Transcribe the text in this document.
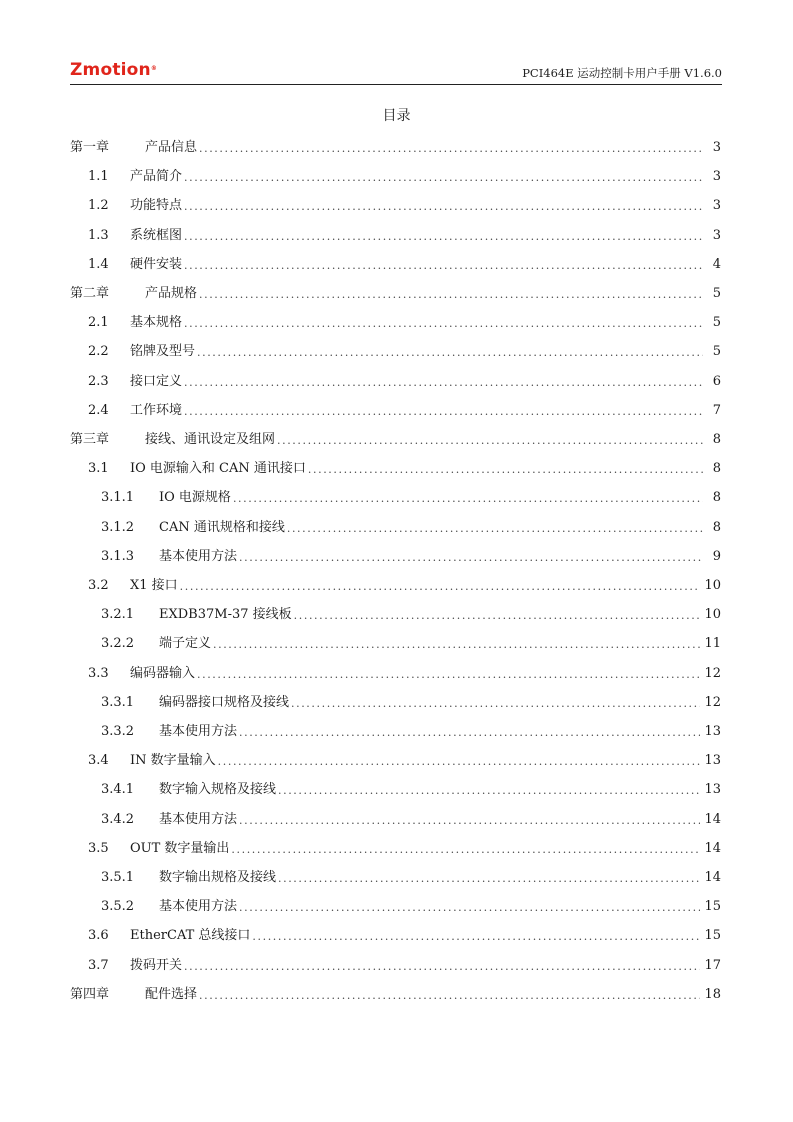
Zmotion®	PCI464E 运动控制卡用户手册 V1.6.0
目录
第一章	产品信息 .....	3
1.1	产品简介 .....	3
1.2	功能特点 .....	3
1.3	系统框图 .....	3
1.4	硬件安装 .....	4
第二章	产品规格 .....	5
2.1	基本规格 .....	5
2.2	铭牌及型号 .....	5
2.3	接口定义 .....	6
2.4	工作环境 .....	7
第三章	接线、通讯设定及组网 .....	8
3.1	IO 电源输入和 CAN 通讯接口 .....	8
3.1.1	IO 电源规格 .....	8
3.1.2	CAN 通讯规格和接线 .....	8
3.1.3	基本使用方法 .....	9
3.2	X1 接口 .....	10
3.2.1	EXDB37M-37 接线板 .....	10
3.2.2	端子定义 .....	11
3.3	编码器输入 .....	12
3.3.1	编码器接口规格及接线 .....	12
3.3.2	基本使用方法 .....	13
3.4	IN 数字量输入 .....	13
3.4.1	数字输入规格及接线 .....	13
3.4.2	基本使用方法 .....	14
3.5	OUT 数字量输出 .....	14
3.5.1	数字输出规格及接线 .....	14
3.5.2	基本使用方法 .....	15
3.6	EtherCAT 总线接口 .....	15
3.7	拨码开关 .....	17
第四章	配件选择 .....	18
